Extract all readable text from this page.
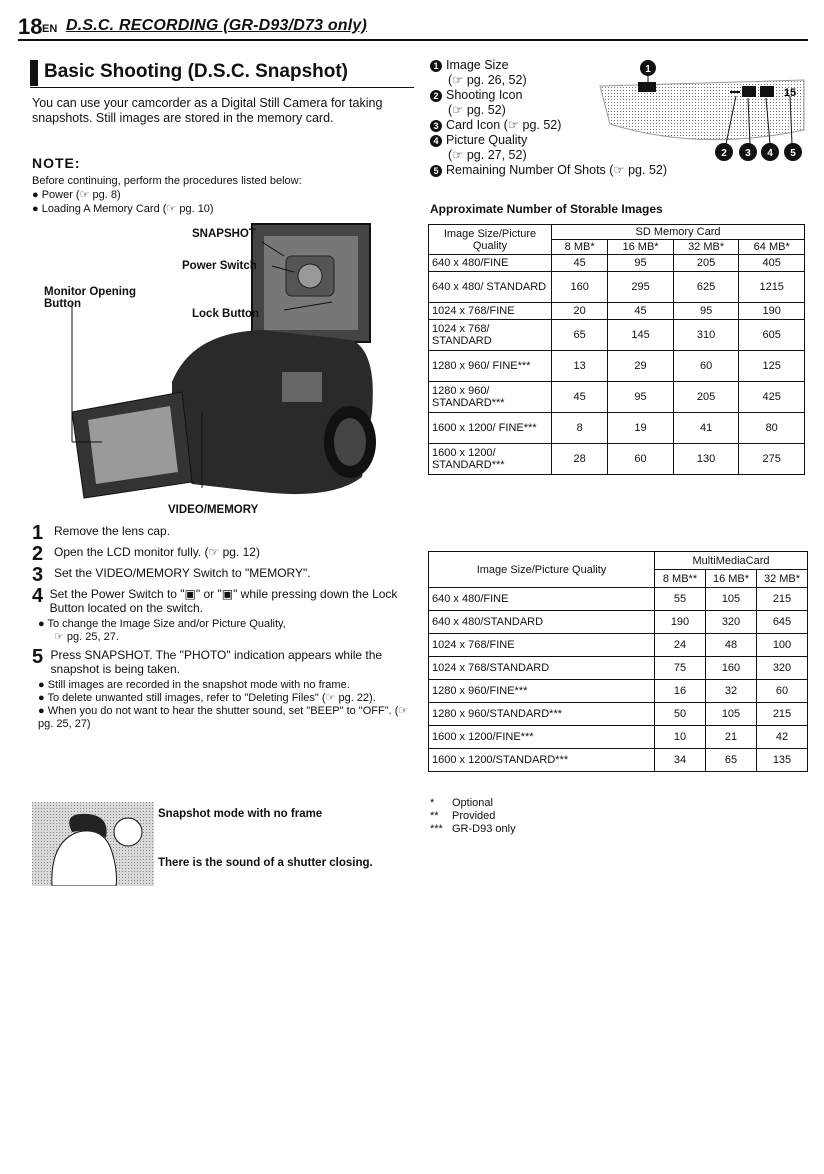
18 EN D.S.C. RECORDING (GR-D93/D73 only)
Basic Shooting (D.S.C. Snapshot)
You can use your camcorder as a Digital Still Camera for taking snapshots. Still images are stored in the memory card.
NOTE:
Before continuing, perform the procedures listed below:
● Power (☞ pg. 8)
● Loading A Memory Card (☞ pg. 10)
SNAPSHOT
Power Switch
Monitor Opening Button
Lock Button
VIDEO/MEMORY
1 Remove the lens cap.
2 Open the LCD monitor fully. (☞ pg. 12)
3 Set the VIDEO/MEMORY Switch to "MEMORY".
4 Set the Power Switch to "▣" or "▣" while pressing down the Lock Button located on the switch.
● To change the Image Size and/or Picture Quality,
☞ pg. 25, 27.
5 Press SNAPSHOT. The "PHOTO" indication appears while the snapshot is being taken.
● Still images are recorded in the snapshot mode with no frame.
● To delete unwanted still images, refer to "Deleting Files" (☞ pg. 22).
● When you do not want to hear the shutter sound, set "BEEP" to "OFF". (☞ pg. 25, 27)
Snapshot mode with no frame
There is the sound of a shutter closing.
1 Image Size
(☞ pg. 26, 52)
2 Shooting Icon
(☞ pg. 52)
3 Card Icon (☞ pg. 52)
4 Picture Quality
(☞ pg. 27, 52)
5 Remaining Number Of Shots (☞ pg. 52)
1
2 3 4 5
15
Approximate Number of Storable Images
Image Size/Picture Quality	SD Memory Card			
	8 MB*	16 MB*	32 MB*	64 MB*
640 x 480/FINE	45	95	205	405
640 x 480/ STANDARD	160	295	625	1215
1024 x 768/FINE	20	45	95	190
1024 x 768/ STANDARD	65	145	310	605
1280 x 960/ FINE***	13	29	60	125
1280 x 960/ STANDARD***	45	95	205	425
1600 x 1200/ FINE***	8	19	41	80
1600 x 1200/ STANDARD***	28	60	130	275
Image Size/Picture Quality	MultiMediaCard		
	8 MB**	16 MB*	32 MB*
640 x 480/FINE	55	105	215
640 x 480/STANDARD	190	320	645
1024 x 768/FINE	24	48	100
1024 x 768/STANDARD	75	160	320
1280 x 960/FINE***	16	32	60
1280 x 960/STANDARD***	50	105	215
1600 x 1200/FINE***	10	21	42
1600 x 1200/STANDARD***	34	65	135
*	Optional
**	Provided
*** GR-D93 only
